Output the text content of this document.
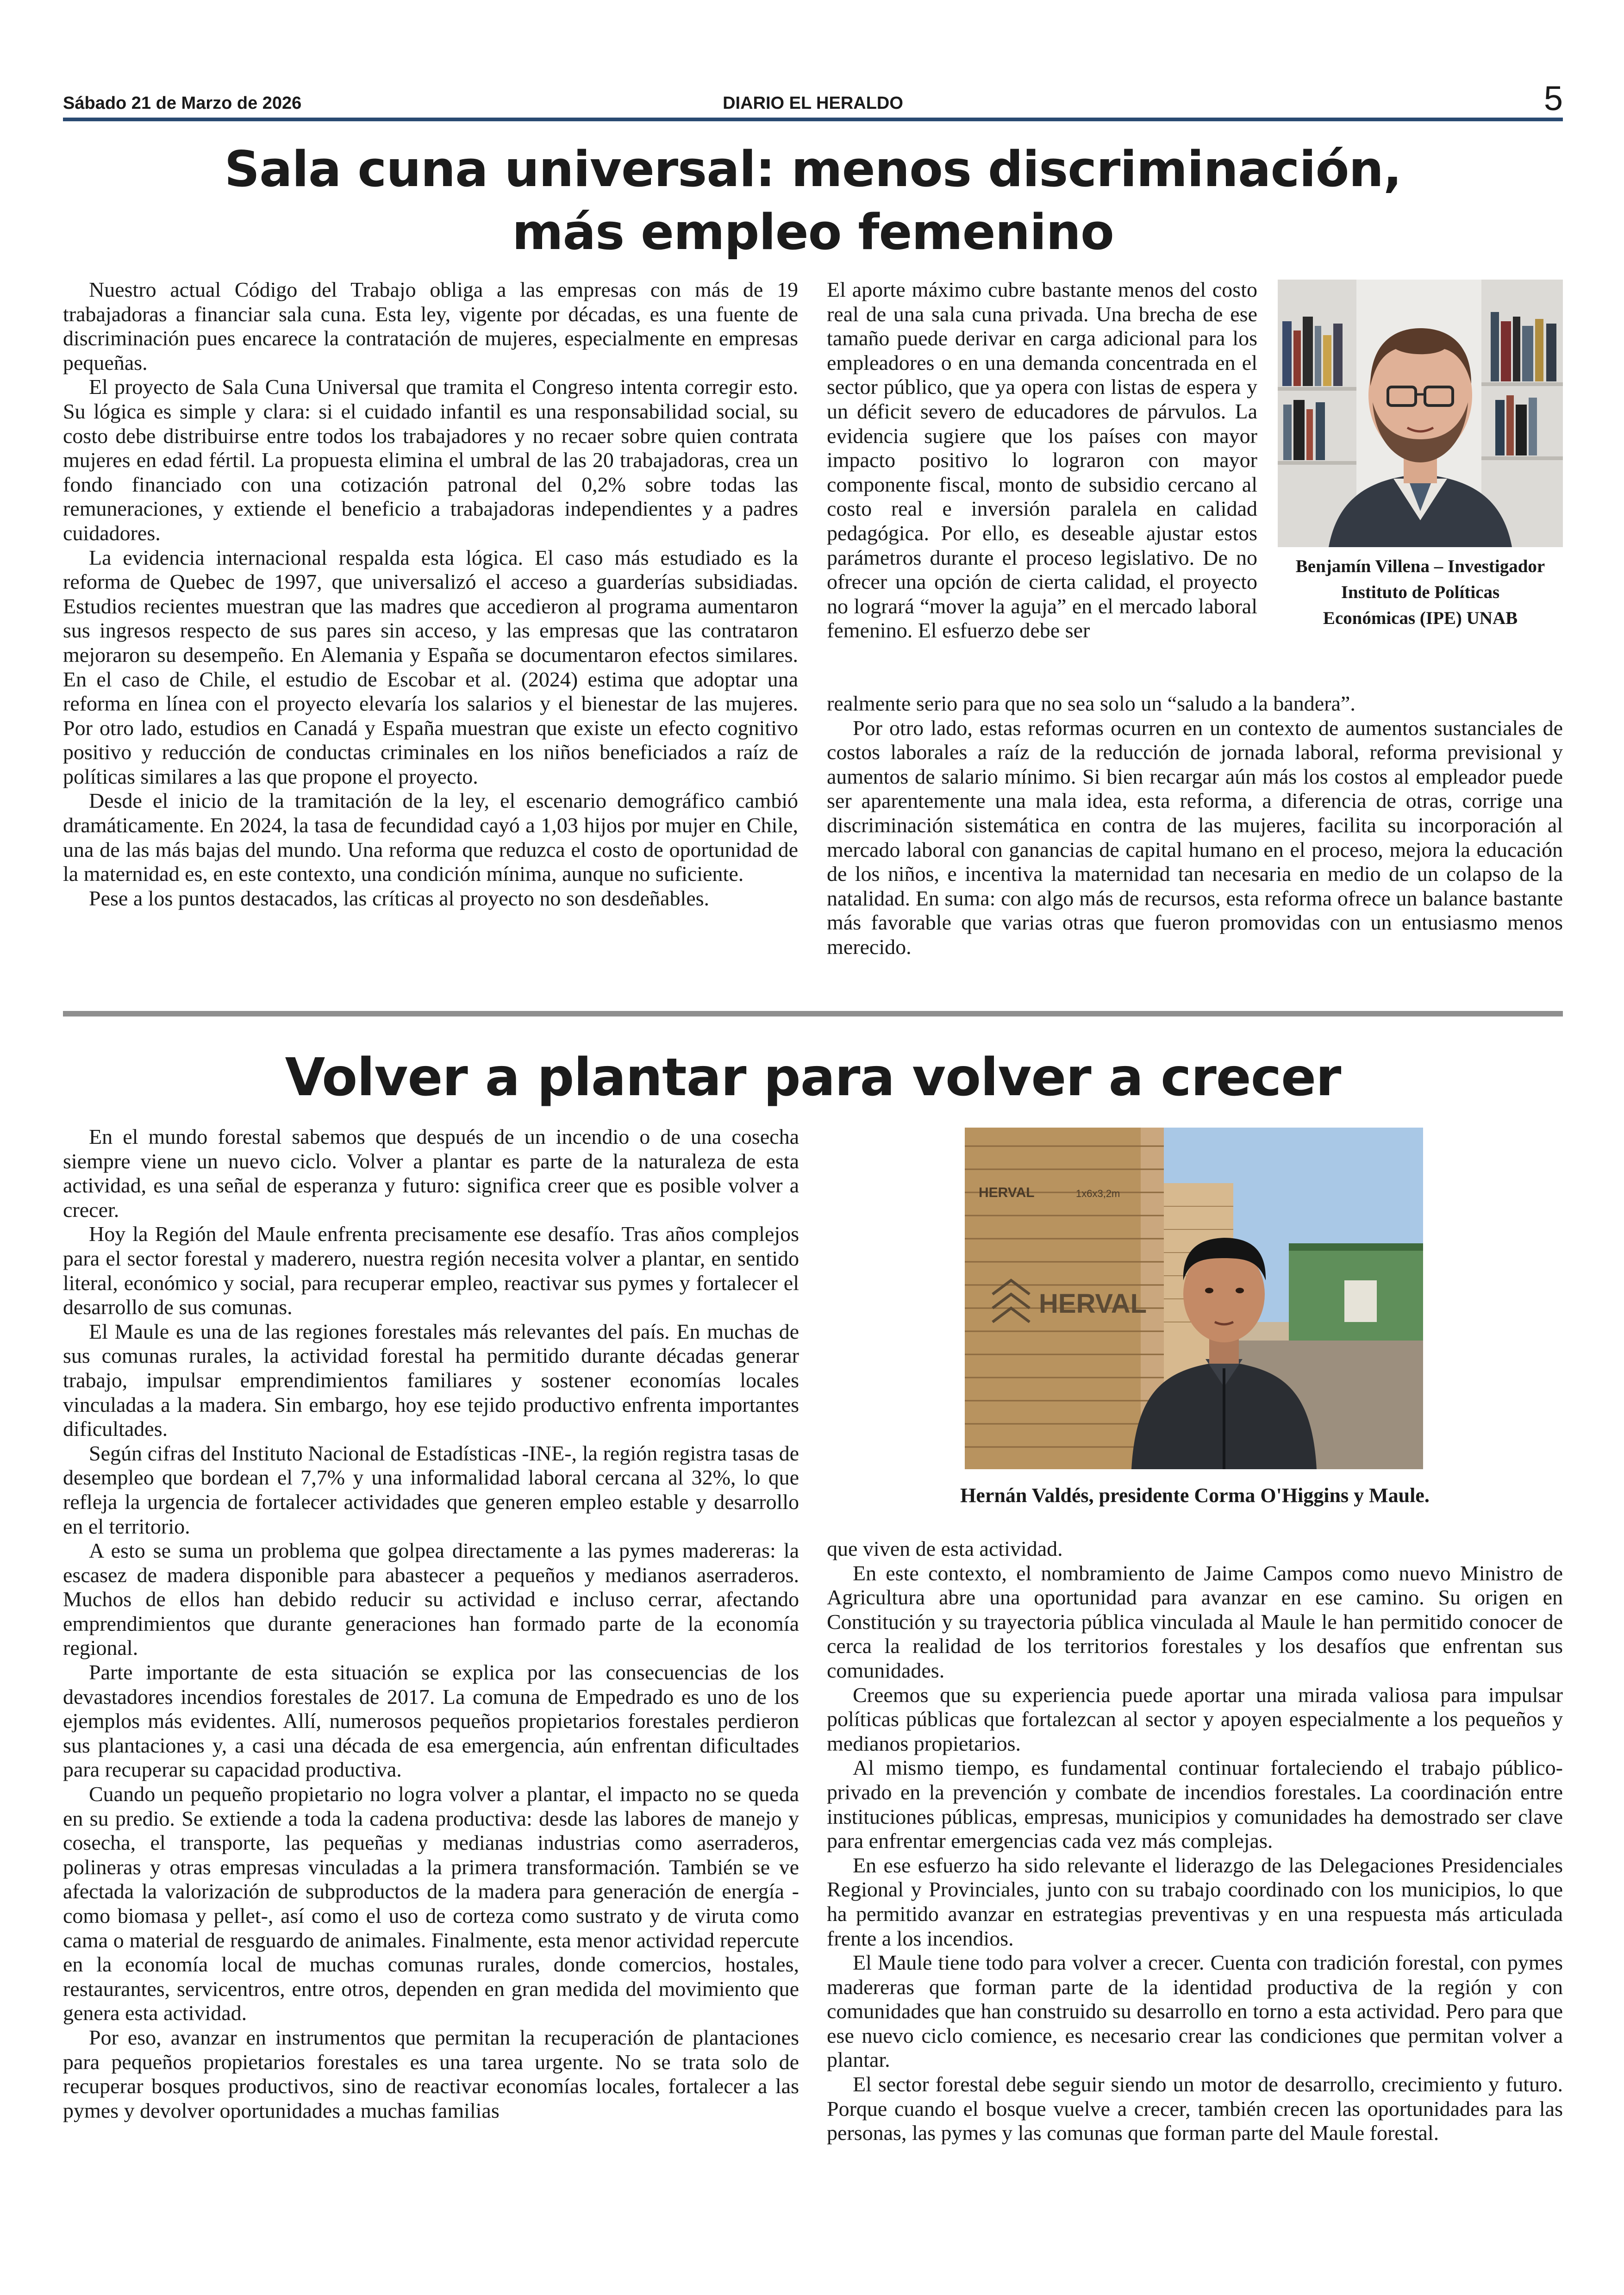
DIARIO EL HERALDO
Sábado 21 de Marzo de 2026	5
Sala cuna universal: menos discriminación,
más empleo femenino

Nuestro actual Código del Trabajo obliga a las empresas con más de 19 trabajadoras a financiar sala cuna. Esta ley, vigente por décadas, es una fuente de discriminación pues encarece la contratación de mujeres, especialmente en empresas pequeñas.

El proyecto de Sala Cuna Universal que tramita el Congreso intenta corregir esto. Su lógica es simple y clara: si el cuidado infantil es una responsabilidad social, su costo debe distribuirse entre todos los trabajadores y no recaer sobre quien contrata mujeres en edad fértil. La propuesta elimina el umbral de las 20 trabajadoras, crea un fondo financiado con una cotización patronal del 0,2% sobre todas las remuneraciones, y extiende el beneficio a trabajadoras independientes y a padres cuidadores.

La evidencia internacional respalda esta lógica. El caso más estudiado es la reforma de Quebec de 1997, que universalizó el acceso a guarderías subsidiadas. Estudios recientes muestran que las madres que accedieron al programa aumentaron sus ingresos respecto de sus pares sin acceso, y las empresas que las contrataron mejoraron su desempeño. En Alemania y España se documentaron efectos similares. En el caso de Chile, el estudio de Escobar et al. (2024) estima que adoptar una reforma en línea con el proyecto elevaría los salarios y el bienestar de las mujeres. Por otro lado, estudios en Canadá y España muestran que existe un efecto cognitivo positivo y reducción de conductas criminales en los niños beneficiados a raíz de políticas similares a las que propone el proyecto.

Desde el inicio de la tramitación de la ley, el escenario demográfico cambió dramáticamente. En 2024, la tasa de fecundidad cayó a 1,03 hijos por mujer en Chile, una de las más bajas del mundo. Una reforma que reduzca el costo de oportunidad de la maternidad es, en este contexto, una condición mínima, aunque no suficiente.

Pese a los puntos destacados, las críticas al proyecto no son desdeñables.

El aporte máximo cubre bastante menos del costo real de una sala cuna privada. Una brecha de ese tamaño puede derivar en carga adicional para los empleadores o en una demanda concentrada en el sector público, que ya opera con listas de espera y un déficit severo de educadores de párvulos. La evidencia sugiere que los países con mayor impacto positivo lo lograron con mayor componente fiscal, monto de subsidio cercano al costo real e inversión paralela en calidad pedagógica. Por ello, es deseable ajustar estos parámetros durante el proceso legislativo. De no ofrecer una opción de cierta calidad, el proyecto no logrará “mover la aguja” en el mercado laboral femenino. El esfuerzo debe ser

Benjamín Villena – Investigador
Instituto de Políticas
Económicas (IPE) UNAB

realmente serio para que no sea solo un “saludo a la bandera”.

Por otro lado, estas reformas ocurren en un contexto de aumentos sustanciales de costos laborales a raíz de la reducción de jornada laboral, reforma previsional y aumentos de salario mínimo. Si bien recargar aún más los costos al empleador puede ser aparentemente una mala idea, esta reforma, a diferencia de otras, corrige una discriminación sistemática en contra de las mujeres, facilita su incorporación al mercado laboral con ganancias de capital humano en el proceso, mejora la educación de los niños, e incentiva la maternidad tan necesaria en medio de un colapso de la natalidad. En suma: con algo más de recursos, esta reforma ofrece un balance bastante más favorable que varias otras que fueron promovidas con un entusiasmo menos merecido.

Volver a plantar para volver a crecer

En el mundo forestal sabemos que después de un incendio o de una cosecha siempre viene un nuevo ciclo. Volver a plantar es parte de la naturaleza de esta actividad, es una señal de esperanza y futuro: significa creer que es posible volver a crecer.

Hoy la Región del Maule enfrenta precisamente ese desafío. Tras años complejos para el sector forestal y maderero, nuestra región necesita volver a plantar, en sentido literal, económico y social, para recuperar empleo, reactivar sus pymes y fortalecer el desarrollo de sus comunas.

El Maule es una de las regiones forestales más relevantes del país. En muchas de sus comunas rurales, la actividad forestal ha permitido durante décadas generar trabajo, impulsar emprendimientos familiares y sostener economías locales vinculadas a la madera. Sin embargo, hoy ese tejido productivo enfrenta importantes dificultades.

Según cifras del Instituto Nacional de Estadísticas -INE-, la región registra tasas de desempleo que bordean el 7,7% y una informalidad laboral cercana al 32%, lo que refleja la urgencia de fortalecer actividades que generen empleo estable y desarrollo en el territorio.

A esto se suma un problema que golpea directamente a las pymes madereras: la escasez de madera disponible para abastecer a pequeños y medianos aserraderos. Muchos de ellos han debido reducir su actividad e incluso cerrar, afectando emprendimientos que durante generaciones han formado parte de la economía regional.

Parte importante de esta situación se explica por las consecuencias de los devastadores incendios forestales de 2017. La comuna de Empedrado es uno de los ejemplos más evidentes. Allí, numerosos pequeños propietarios forestales perdieron sus plantaciones y, a casi una década de esa emergencia, aún enfrentan dificultades para recuperar su capacidad productiva.

Cuando un pequeño propietario no logra volver a plantar, el impacto no se queda en su predio. Se extiende a toda la cadena productiva: desde las labores de manejo y cosecha, el transporte, las pequeñas y medianas industrias como aserraderos, polineras y otras empresas vinculadas a la primera transformación. También se ve afectada la valorización de subproductos de la madera para generación de energía -como biomasa y pellet-, así como el uso de corteza como sustrato y de viruta como cama o material de resguardo de animales. Finalmente, esta menor actividad repercute en la economía local de muchas comunas rurales, donde comercios, hostales, restaurantes, servicentros, entre otros, dependen en gran medida del movimiento que genera esta actividad.

Por eso, avanzar en instrumentos que permitan la recuperación de plantaciones para pequeños propietarios forestales es una tarea urgente. No se trata solo de recuperar bosques productivos, sino de reactivar economías locales, fortalecer a las pymes y devolver oportunidades a muchas familias

HERVAL	1x6x3,2m
HERVAL
Hernán Valdés, presidente Corma O'Higgins y Maule.

que viven de esta actividad.

En este contexto, el nombramiento de Jaime Campos como nuevo Ministro de Agricultura abre una oportunidad para avanzar en ese camino. Su origen en Constitución y su trayectoria pública vinculada al Maule le han permitido conocer de cerca la realidad de los territorios forestales y los desafíos que enfrentan sus comunidades.

Creemos que su experiencia puede aportar una mirada valiosa para impulsar políticas públicas que fortalezcan al sector y apoyen especialmente a los pequeños y medianos propietarios.

Al mismo tiempo, es fundamental continuar fortaleciendo el trabajo público-privado en la prevención y combate de incendios forestales. La coordinación entre instituciones públicas, empresas, municipios y comunidades ha demostrado ser clave para enfrentar emergencias cada vez más complejas.

En ese esfuerzo ha sido relevante el liderazgo de las Delegaciones Presidenciales Regional y Provinciales, junto con su trabajo coordinado con los municipios, lo que ha permitido avanzar en estrategias preventivas y en una respuesta más articulada frente a los incendios.

El Maule tiene todo para volver a crecer. Cuenta con tradición forestal, con pymes madereras que forman parte de la identidad productiva de la región y con comunidades que han construido su desarrollo en torno a esta actividad. Pero para que ese nuevo ciclo comience, es necesario crear las condiciones que permitan volver a plantar.

El sector forestal debe seguir siendo un motor de desarrollo, crecimiento y futuro. Porque cuando el bosque vuelve a crecer, también crecen las oportunidades para las personas, las pymes y las comunas que forman parte del Maule forestal.
